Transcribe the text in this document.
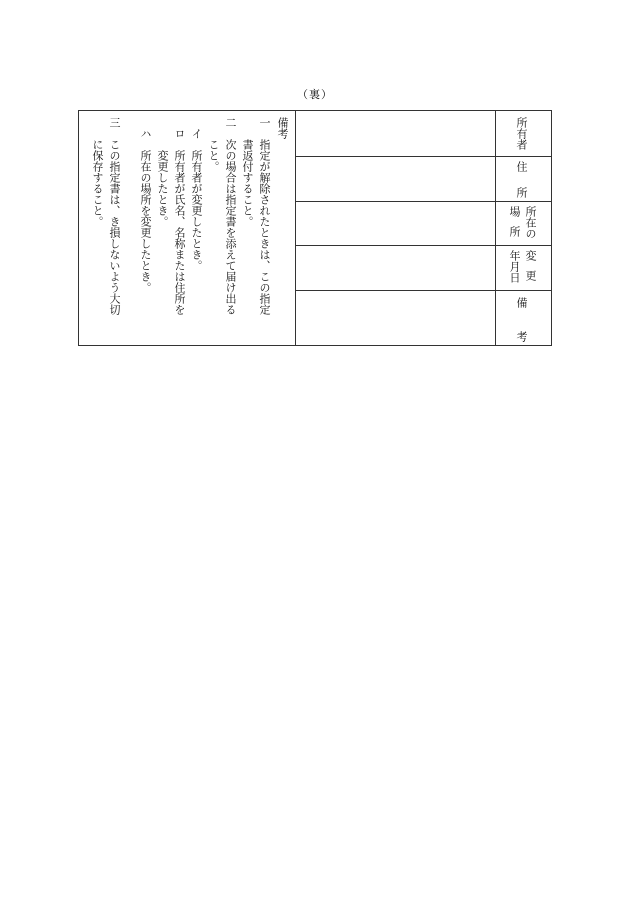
（裏）
所有者
住　所
所在の
場　所
変　更
年月日
備　考
備考
一　指定が解除されたときは、この指定
　　書返付すること。
二　次の場合は指定書を添えて届け出る
　　こと。
　イ　所有者が変更したとき。
　ロ　所有者が氏名、名称または住所を
　　　変更したとき。
　ハ　所在の場所を変更したとき。
三　この指定書は、き損しないよう大切
　　に保存すること。
